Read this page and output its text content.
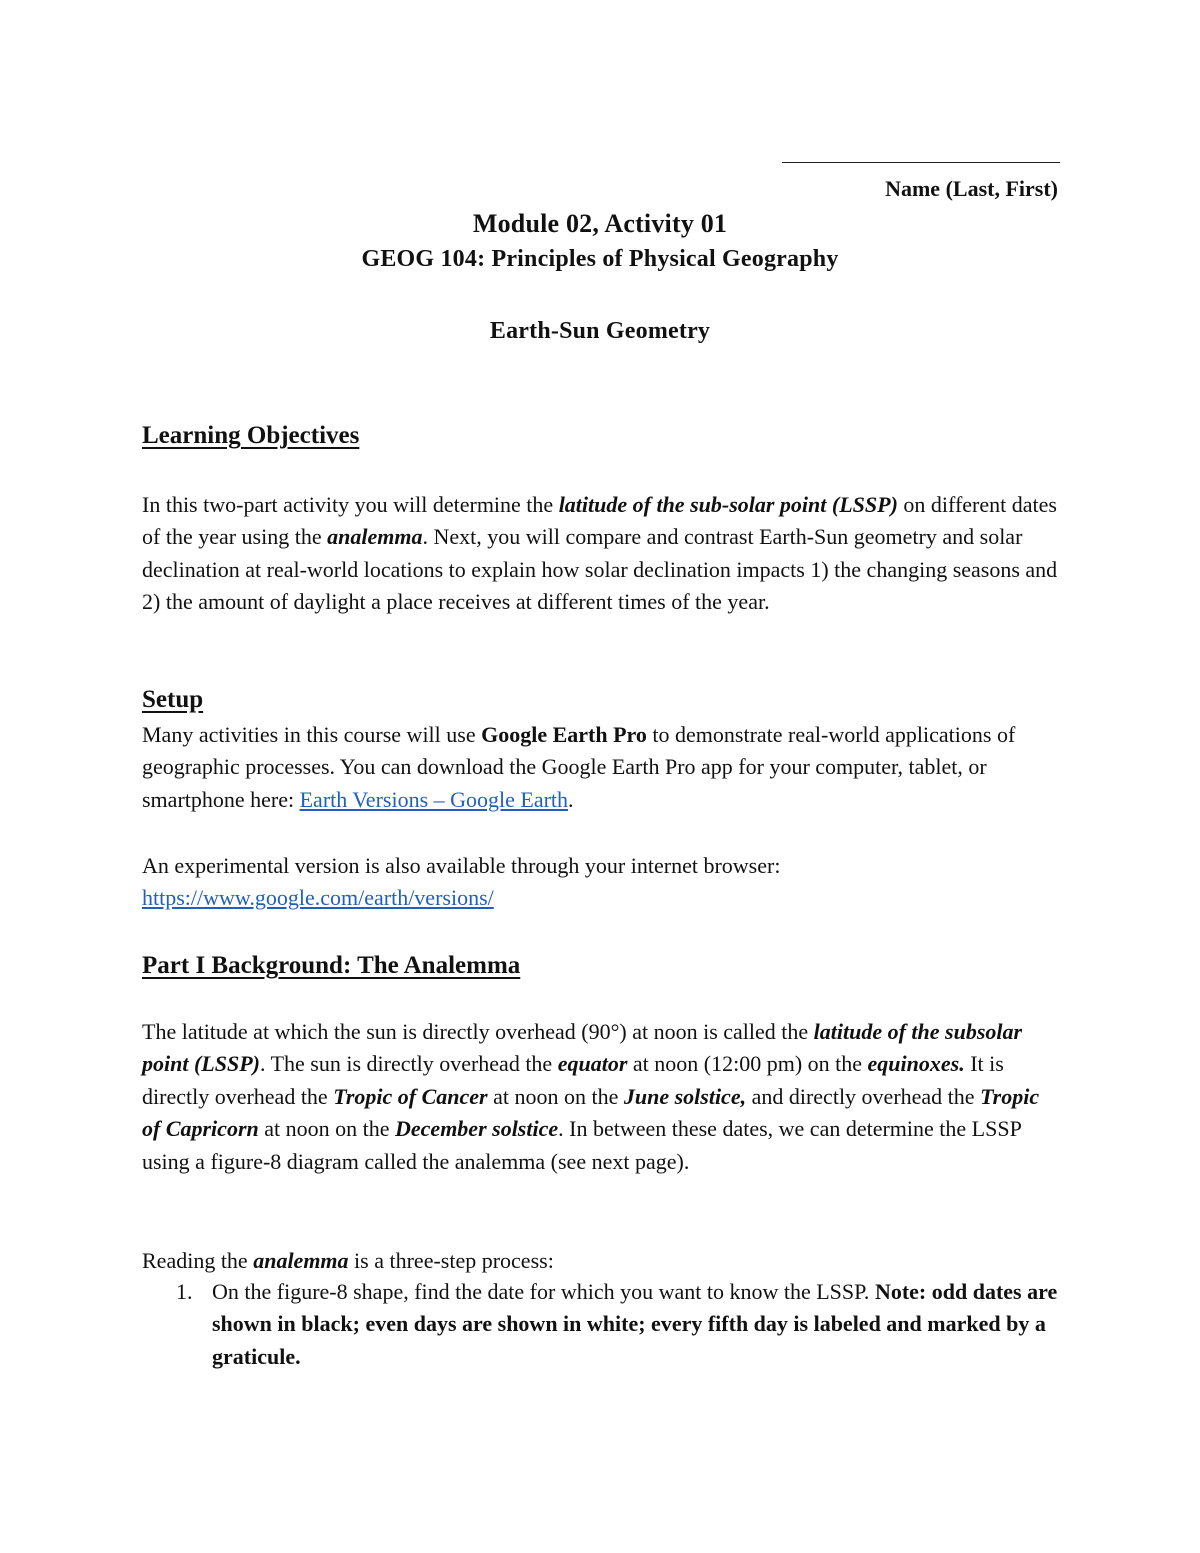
Name (Last, First)
Module 02, Activity 01
GEOG 104: Principles of Physical Geography
Earth-Sun Geometry
Learning Objectives
In this two-part activity you will determine the latitude of the sub-solar point (LSSP) on different dates of the year using the analemma. Next, you will compare and contrast Earth-Sun geometry and solar declination at real-world locations to explain how solar declination impacts 1) the changing seasons and 2) the amount of daylight a place receives at different times of the year.
Setup
Many activities in this course will use Google Earth Pro to demonstrate real-world applications of geographic processes. You can download the Google Earth Pro app for your computer, tablet, or smartphone here: Earth Versions – Google Earth.
An experimental version is also available through your internet browser:
https://www.google.com/earth/versions/
Part I Background: The Analemma
The latitude at which the sun is directly overhead (90°) at noon is called the latitude of the subsolar point (LSSP). The sun is directly overhead the equator at noon (12:00 pm) on the equinoxes. It is directly overhead the Tropic of Cancer at noon on the June solstice, and directly overhead the Tropic of Capricorn at noon on the December solstice. In between these dates, we can determine the LSSP using a figure-8 diagram called the analemma (see next page).
Reading the analemma is a three-step process:
1. On the figure-8 shape, find the date for which you want to know the LSSP. Note: odd dates are shown in black; even days are shown in white; every fifth day is labeled and marked by a graticule.
